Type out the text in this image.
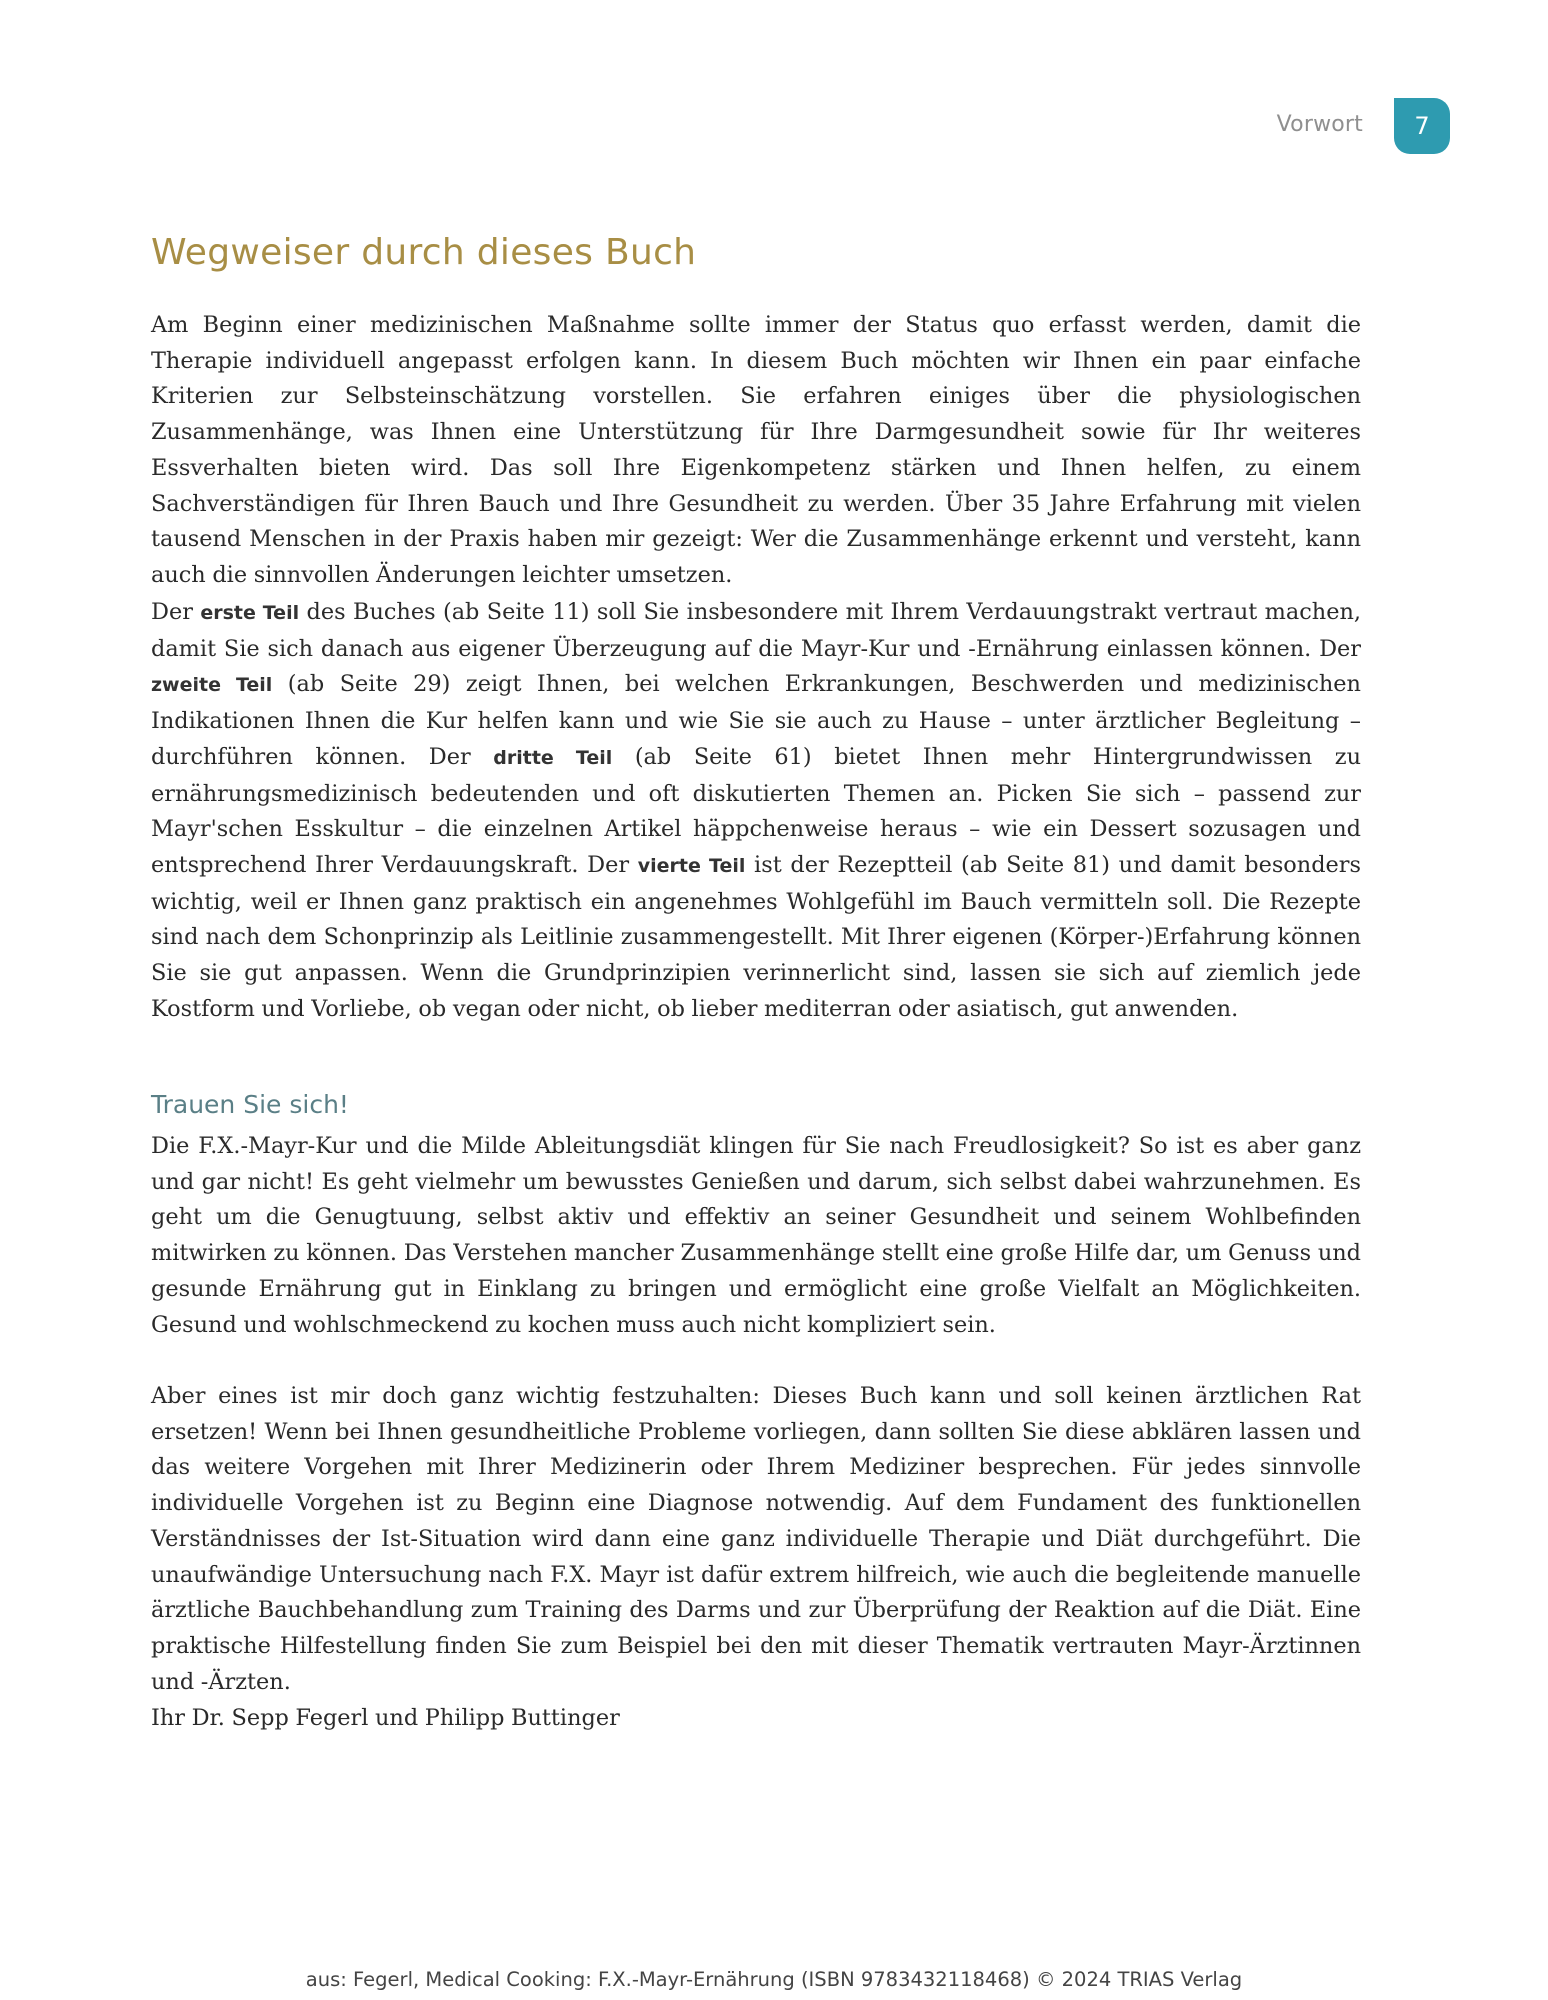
Vorwort	7
Wegweiser durch dieses Buch

Am Beginn einer medizinischen Maßnahme sollte immer der Status quo erfasst werden, damit die Therapie individuell angepasst erfolgen kann. In diesem Buch möchten wir Ihnen ein paar einfache Kriterien zur Selbsteinschätzung vorstellen. Sie erfahren einiges über die physiologischen Zusammenhänge, was Ihnen eine Unterstützung für Ihre Darmgesundheit sowie für Ihr weiteres Essverhalten bieten wird. Das soll Ihre Eigenkompetenz stärken und Ihnen helfen, zu einem Sachverständigen für Ihren Bauch und Ihre Gesundheit zu werden. Über 35 Jahre Erfahrung mit vielen tausend Menschen in der Praxis haben mir gezeigt: Wer die Zusammenhänge erkennt und versteht, kann auch die sinnvollen Änderungen leichter umsetzen.

Der erste Teil des Buches (ab Seite 11) soll Sie insbesondere mit Ihrem Verdauungstrakt vertraut machen, damit Sie sich danach aus eigener Überzeugung auf die Mayr-Kur und -Ernährung einlassen können. Der zweite Teil (ab Seite 29) zeigt Ihnen, bei welchen Erkrankungen, Beschwerden und medizinischen Indikationen Ihnen die Kur helfen kann und wie Sie sie auch zu Hause – unter ärztlicher Begleitung – durchführen können. Der dritte Teil (ab Seite 61) bietet Ihnen mehr Hintergrundwissen zu ernährungsmedizinisch bedeutenden und oft diskutierten Themen an. Picken Sie sich – passend zur Mayr'schen Esskultur – die einzelnen Artikel häppchenweise heraus – wie ein Dessert sozusagen und entsprechend Ihrer Verdauungskraft. Der vierte Teil ist der Rezeptteil (ab Seite 81) und damit besonders wichtig, weil er Ihnen ganz praktisch ein angenehmes Wohlgefühl im Bauch vermitteln soll. Die Rezepte sind nach dem Schonprinzip als Leitlinie zusammengestellt. Mit Ihrer eigenen (Körper-)Erfahrung können Sie sie gut anpassen. Wenn die Grundprinzipien verinnerlicht sind, lassen sie sich auf ziemlich jede Kostform und Vorliebe, ob vegan oder nicht, ob lieber mediterran oder asiatisch, gut anwenden.

Trauen Sie sich!

Die F.X.-Mayr-Kur und die Milde Ableitungsdiät klingen für Sie nach Freudlosigkeit? So ist es aber ganz und gar nicht! Es geht vielmehr um bewusstes Genießen und darum, sich selbst dabei wahrzunehmen. Es geht um die Genugtuung, selbst aktiv und effektiv an seiner Gesundheit und seinem Wohlbefinden mitwirken zu können. Das Verstehen mancher Zusammenhänge stellt eine große Hilfe dar, um Genuss und gesunde Ernährung gut in Einklang zu bringen und ermöglicht eine große Vielfalt an Möglichkeiten. Gesund und wohlschmeckend zu kochen muss auch nicht kompliziert sein.

Aber eines ist mir doch ganz wichtig festzuhalten: Dieses Buch kann und soll keinen ärztlichen Rat ersetzen! Wenn bei Ihnen gesundheitliche Probleme vorliegen, dann sollten Sie diese abklären lassen und das weitere Vorgehen mit Ihrer Medizinerin oder Ihrem Mediziner besprechen. Für jedes sinnvolle individuelle Vorgehen ist zu Beginn eine Diagnose notwendig. Auf dem Fundament des funktionellen Verständnisses der Ist-Situation wird dann eine ganz individuelle Therapie und Diät durchgeführt. Die unaufwändige Untersuchung nach F.X. Mayr ist dafür extrem hilfreich, wie auch die begleitende manuelle ärztliche Bauchbehandlung zum Training des Darms und zur Überprüfung der Reaktion auf die Diät. Eine praktische Hilfestellung finden Sie zum Beispiel bei den mit dieser Thematik vertrauten Mayr-Ärztinnen und -Ärzten.

Ihr Dr. Sepp Fegerl und Philipp Buttinger

aus: Fegerl, Medical Cooking: F.X.-Mayr-Ernährung (ISBN 9783432118468) © 2024 TRIAS Verlag
